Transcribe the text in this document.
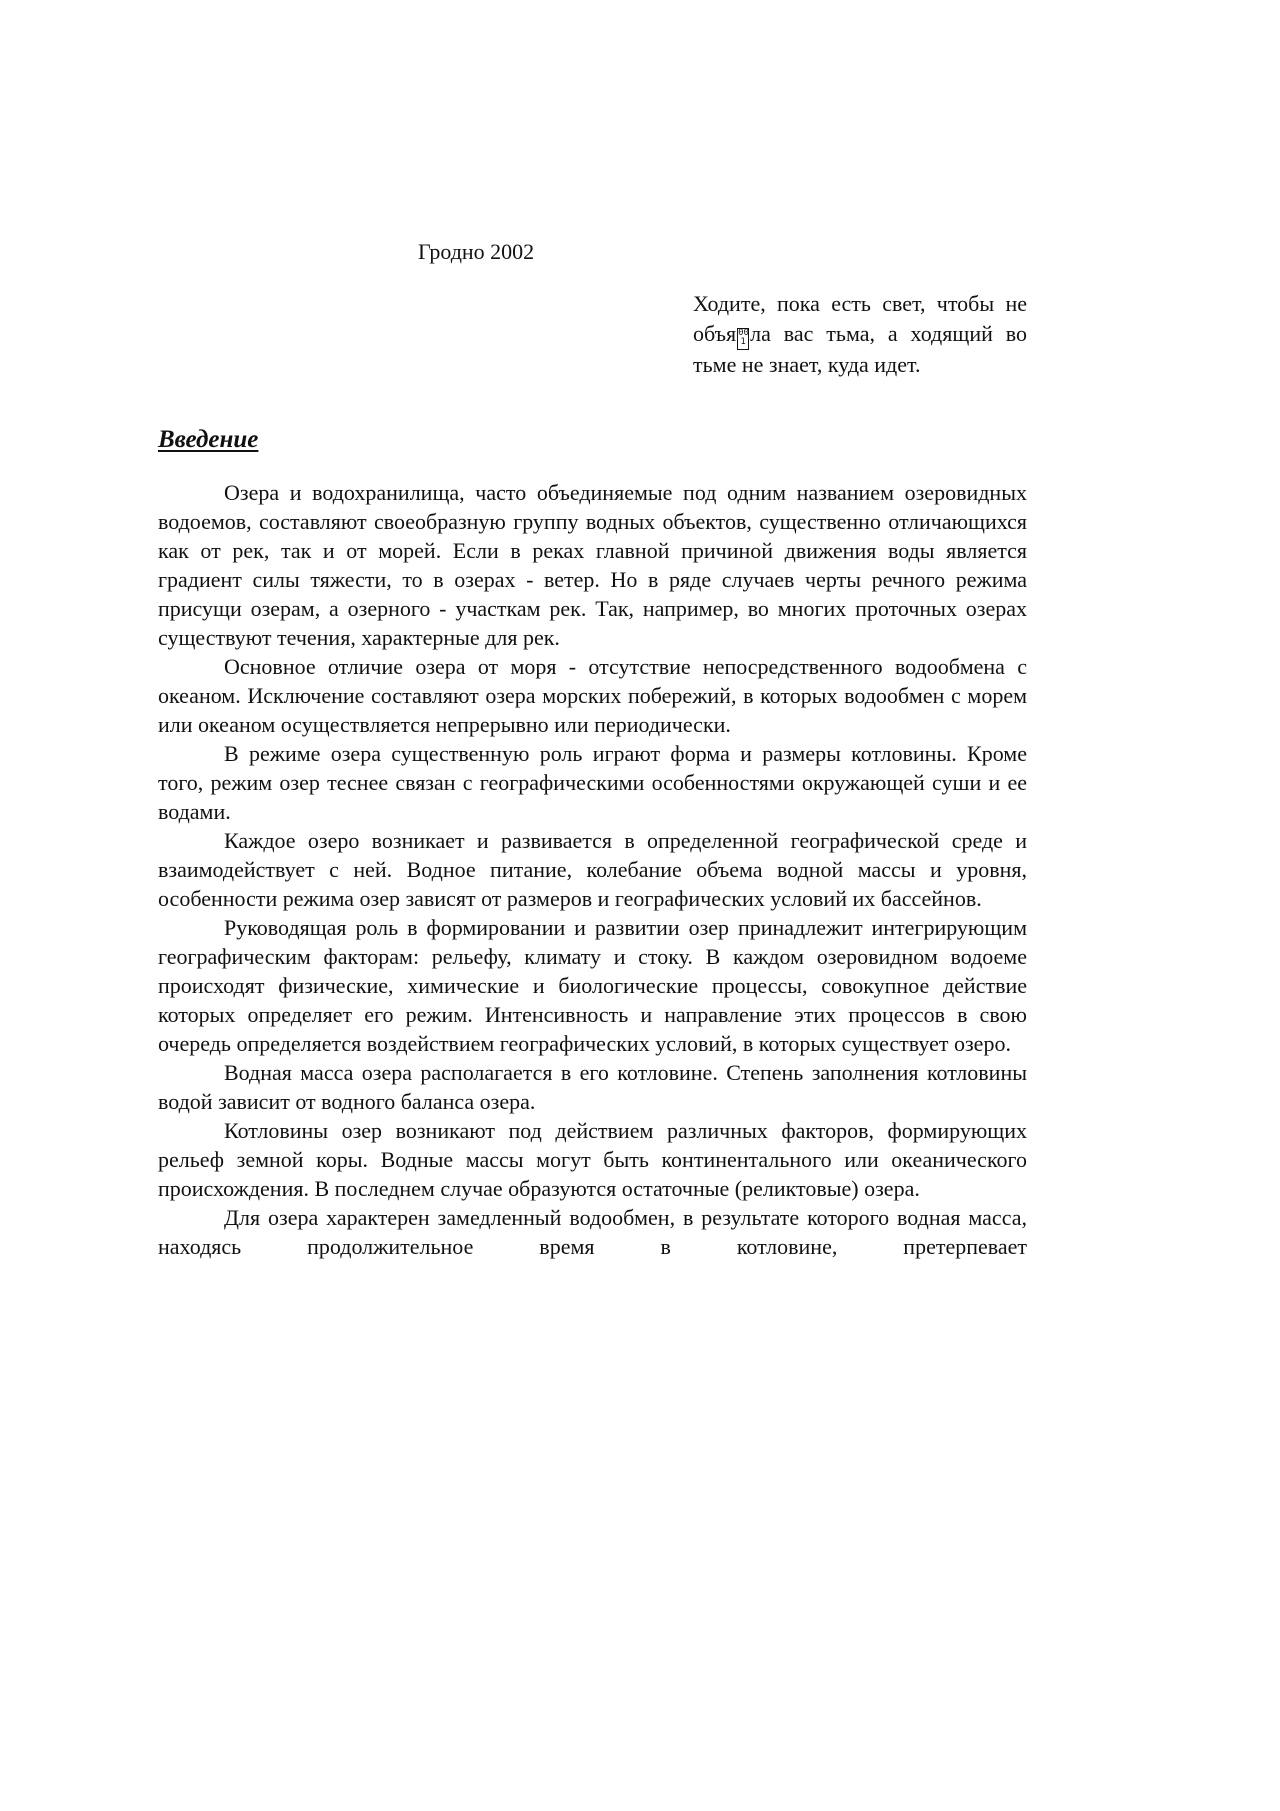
Гродно 2002
Ходите, пока есть свет, чтобы не объя 00 1 ла вас тьма, а ходящий во тьме не знает, куда идет.
Введение

Озера и водохранилища, часто объединяемые под одним названием озеровидных водоемов, составляют своеобразную группу водных объектов, существенно отличающихся как от рек, так и от морей. Если в реках главной причиной движения воды является градиент силы тяжести, то в озерах - ветер. Но в ряде случаев черты речного режима присущи озерам, а озерного - участкам рек. Так, например, во многих проточных озерах существуют течения, характерные для рек.

Основное отличие озера от моря - отсутствие непосредственного водообмена с океаном. Исключение составляют озера морских побережий, в которых водообмен с морем или океаном осуществляется непрерывно или периодически.

В режиме озера существенную роль играют форма и размеры котловины. Кроме того, режим озер теснее связан с географическими особенностями окружающей суши и ее водами.

Каждое озеро возникает и развивается в определенной географической среде и взаимодействует с ней. Водное питание, колебание объема водной массы и уровня, особенности режима озер зависят от размеров и географических условий их бассейнов.

Руководящая роль в формировании и развитии озер принадлежит интегрирующим географическим факторам: рельефу, климату и стоку. В каждом озеровидном водоеме происходят физические, химические и биологические процессы, совокупное действие которых определяет его режим. Интенсивность и направление этих процессов в свою очередь определяется воздействием географических условий, в которых существует озеро.

Водная масса озера располагается в его котловине. Степень заполнения котловины водой зависит от водного баланса озера.

Котловины озер возникают под действием различных факторов, формирующих рельеф земной коры. Водные массы могут быть континентального или океанического происхождения. В последнем случае образуются остаточные (реликтовые) озера.

Для озера характерен замедленный водообмен, в результате которого водная масса, находясь продолжительное время в котловине, претерпевает
